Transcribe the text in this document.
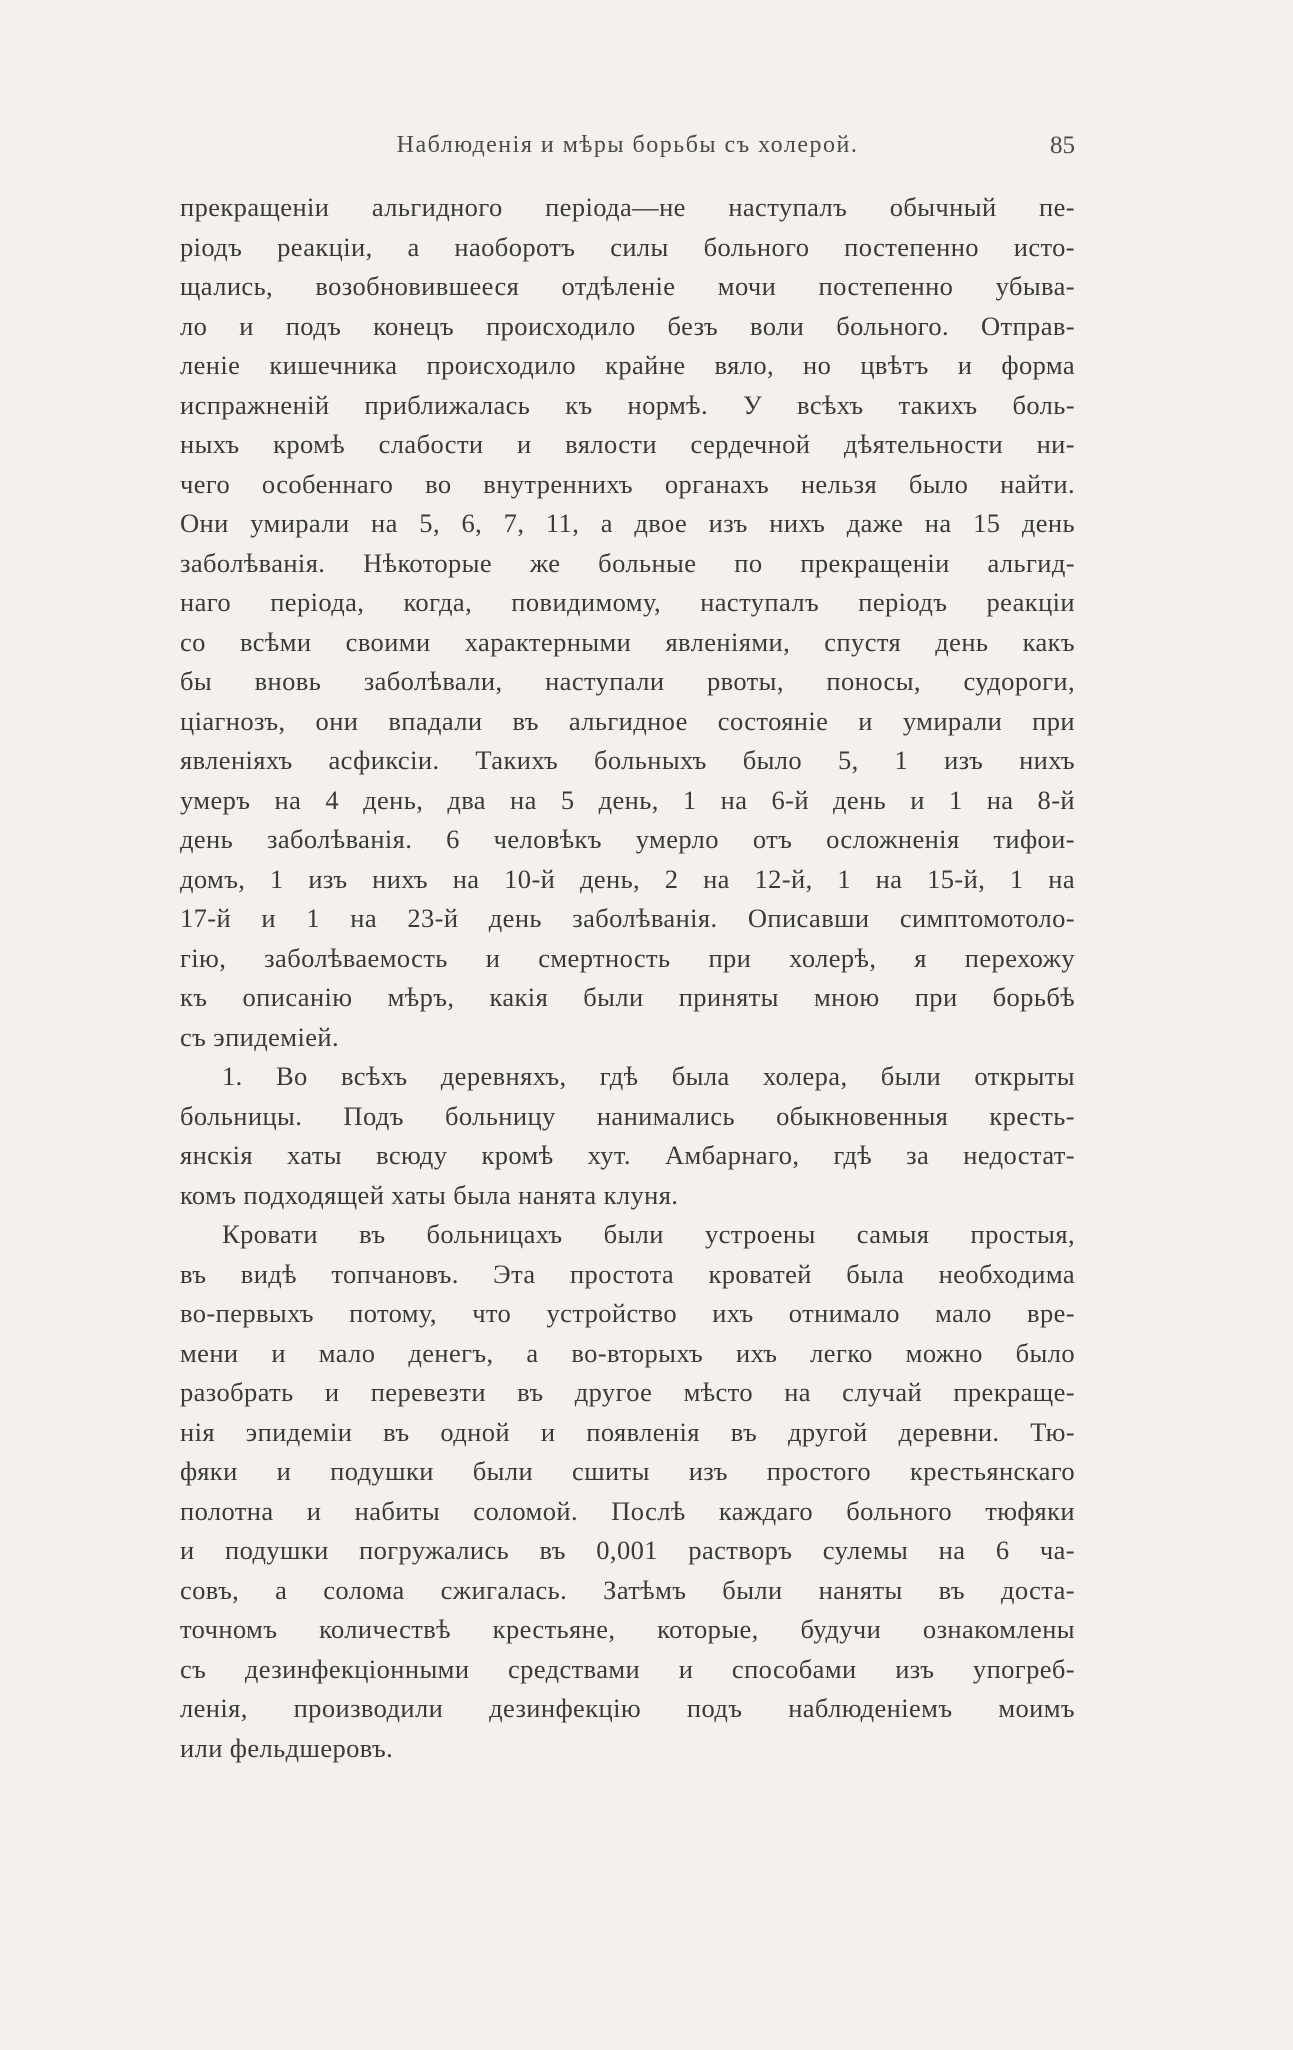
Наблюденія и мѣры борьбы съ холерой.	85
прекращеніи альгидного періода—не наступалъ обычный пе-
ріодъ реакціи, а наоборотъ силы больного постепенно исто-
щались, возобновившееся отдѣленіе мочи постепенно убыва-
ло и подъ конецъ происходило безъ воли больного. Отправ-
леніе кишечника происходило крайне вяло, но цвѣтъ и форма
испражненій приближалась къ нормѣ. У всѣхъ такихъ боль-
ныхъ кромѣ слабости и вялости сердечной дѣятельности ни-
чего особеннаго во внутреннихъ органахъ нельзя было найти.
Они умирали на 5, 6, 7, 11, а двое изъ нихъ даже на 15 день
заболѣванія. Нѣкоторые же больные по прекращеніи альгид-
наго періода, когда, повидимому, наступалъ періодъ реакціи
со всѣми своими характерными явленіями, спустя день какъ
бы вновь заболѣвали, наступали рвоты, поносы, судороги,
ціагнозъ, они впадали въ альгидное состояніе и умирали при
явленіяхъ асфиксіи. Такихъ больныхъ было 5, 1 изъ нихъ
умеръ на 4 день, два на 5 день, 1 на 6-й день и 1 на 8-й
день заболѣванія. 6 человѣкъ умерло отъ осложненія тифои-
домъ, 1 изъ нихъ на 10-й день, 2 на 12-й, 1 на 15-й, 1 на
17-й и 1 на 23-й день заболѣванія. Описавши симптомотоло-
гію, заболѣваемость и смертность при холерѣ, я перехожу
къ описанію мѣръ, какія были приняты мною при борьбѣ
съ эпидеміей.
1. Во всѣхъ деревняхъ, гдѣ была холера, были открыты
больницы. Подъ больницу нанимались обыкновенныя кресть-
янскія хаты всюду кромѣ хут. Амбарнаго, гдѣ за недостат-
комъ подходящей хаты была нанята клуня.
Кровати въ больницахъ были устроены самыя простыя,
въ видѣ топчановъ. Эта простота кроватей была необходима
во-первыхъ потому, что устройство ихъ отнимало мало вре-
мени и мало денегъ, а во-вторыхъ ихъ легко можно было
разобрать и перевезти въ другое мѣсто на случай прекраще-
нія эпидеміи въ одной и появленія въ другой деревни. Тю-
фяки и подушки были сшиты изъ простого крестьянскаго
полотна и набиты соломой. Послѣ каждаго больного тюфяки
и подушки погружались въ 0,001 растворъ сулемы на 6 ча-
совъ, а солома сжигалась. Затѣмъ были наняты въ доста-
точномъ количествѣ крестьяне, которые, будучи ознакомлены
съ дезинфекціонными средствами и способами изъ упогреб-
ленія, производили дезинфекцію подъ наблюденіемъ моимъ
или фельдшеровъ.
